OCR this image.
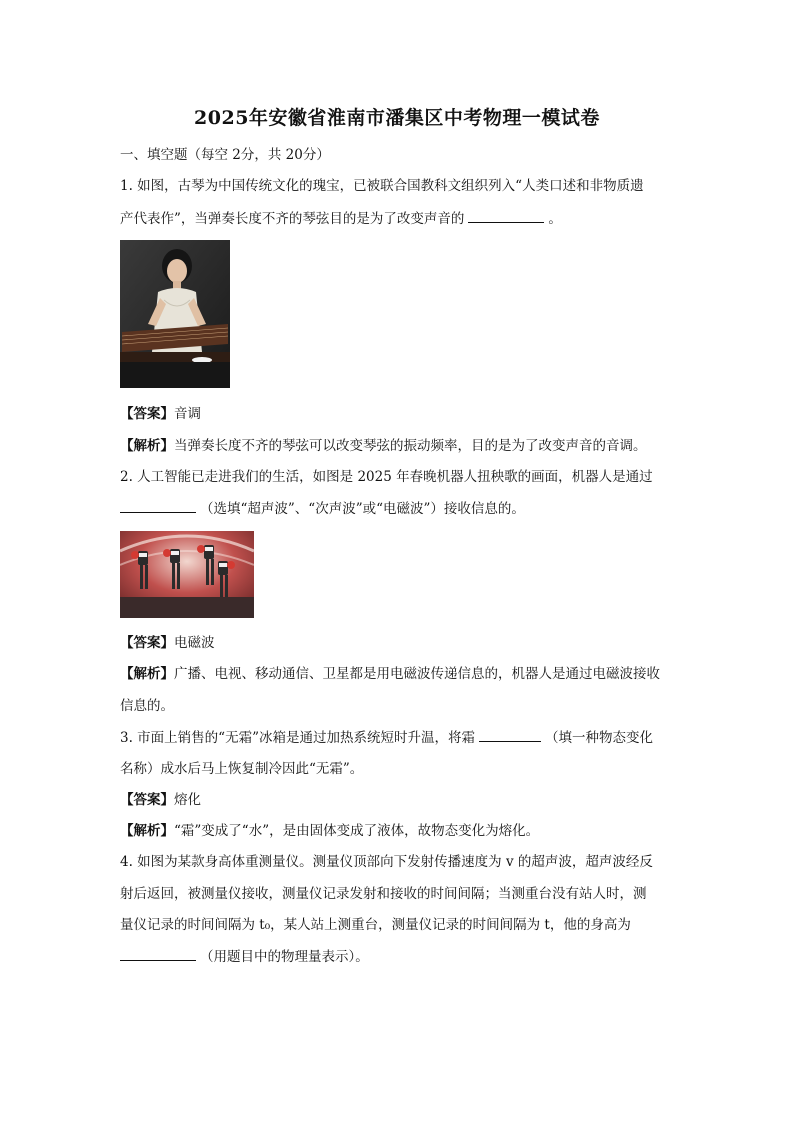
2025年安徽省淮南市潘集区中考物理一模试卷
一、填空题（每空 2分，共 20分）
1. 如图，古琴为中国传统文化的瑰宝，已被联合国教科文组织列入“人类口述和非物质遗
产代表作”，当弹奏长度不齐的琴弦目的是为了改变声音的	。
【答案】音调
【解析】当弹奏长度不齐的琴弦可以改变琴弦的振动频率，目的是为了改变声音的音调。
2. 人工智能已走进我们的生活，如图是 2025 年春晚机器人扭秧歌的画面，机器人是通过
（选填“超声波”、“次声波”或“电磁波”）接收信息的。
【答案】电磁波
【解析】广播、电视、移动通信、卫星都是用电磁波传递信息的，机器人是通过电磁波接收
信息的。
3. 市面上销售的“无霜”冰箱是通过加热系统短时升温，将霜	（填一种物态变化
名称）成水后马上恢复制冷因此“无霜”。
【答案】熔化
【解析】“霜”变成了“水”，是由固体变成了液体，故物态变化为熔化。
4. 如图为某款身高体重测量仪。测量仪顶部向下发射传播速度为 v 的超声波，超声波经反
射后返回，被测量仪接收，测量仪记录发射和接收的时间间隔；当测重台没有站人时，测
量仪记录的时间间隔为 t₀，某人站上测重台，测量仪记录的时间间隔为 t，他的身高为
（用题目中的物理量表示）。
